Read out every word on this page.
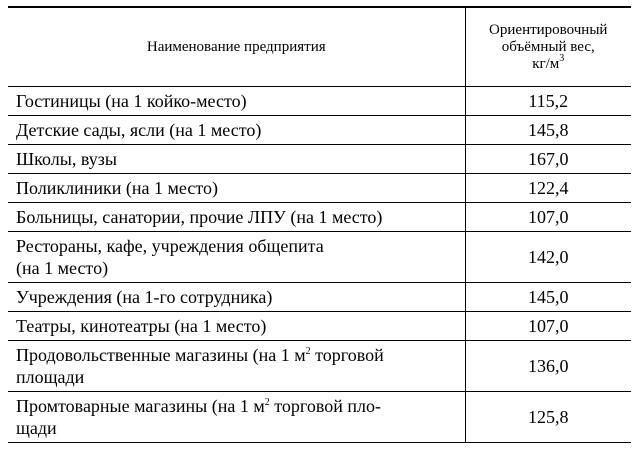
Наименование предприятия	Ориентировочный
объёмный вес,
$кг/м^3$
Гостиницы (на 1 койко-место)	115,2
Детские сады, ясли (на 1 место)	145,8
Школы, вузы	167,0
Поликлиники (на 1 место)	122,4
Больницы, санатории, прочие ЛПУ (на 1 место)	107,0
Рестораны, кафе, учреждения общепита
(на 1 место)	142,0
Учреждения (на 1-го сотрудника)	145,0
Театры, кинотеатры (на 1 место)	107,0
Продовольственные магазины (на 1 $м^2$ торговой
площади	136,0
Промтоварные магазины (на 1 $м^2$ торговой пло-
щади	125,8
